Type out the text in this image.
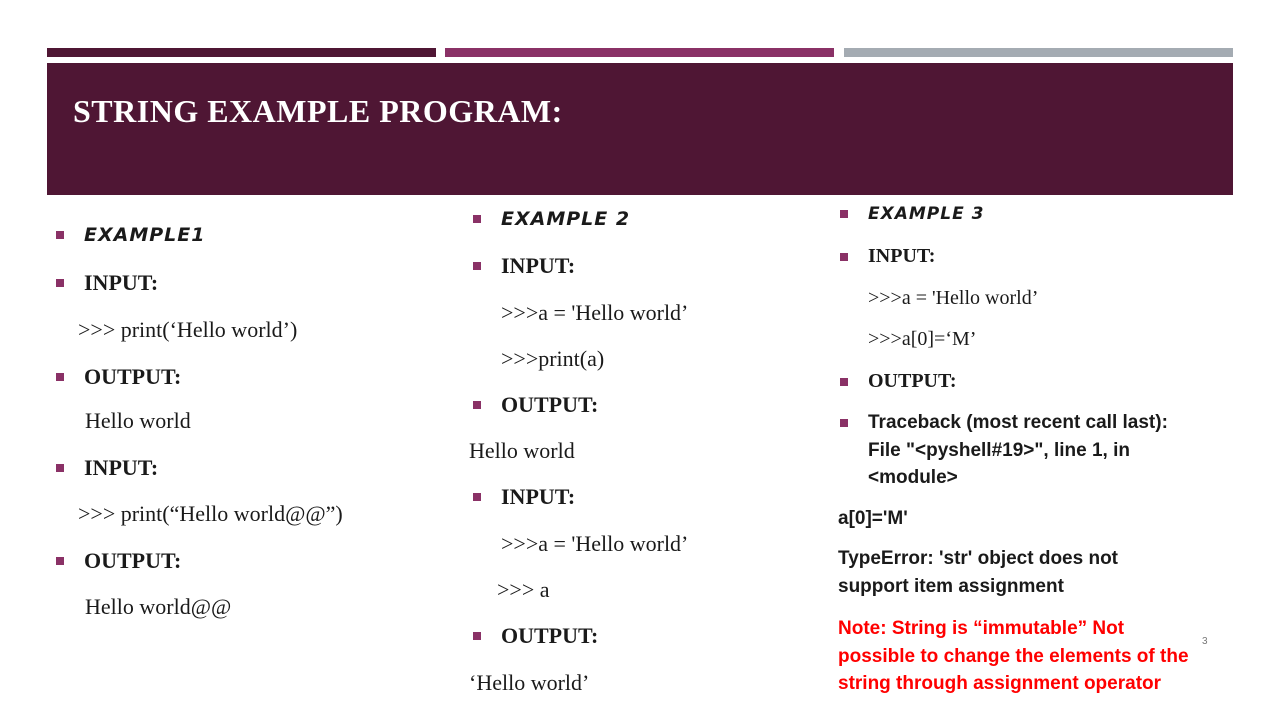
STRING EXAMPLE PROGRAM:
EXAMPLE1
INPUT:
>>> print(‘Hello world’)
OUTPUT:
Hello world
INPUT:
>>> print(“Hello world@@”)
OUTPUT:
Hello world@@
EXAMPLE 2
INPUT:
>>>a = 'Hello world’
>>>print(a)
OUTPUT:
Hello world
INPUT:
>>>a = 'Hello world’
>>> a
OUTPUT:
‘Hello world’
EXAMPLE 3
INPUT:
>>>a = 'Hello world’
>>>a[0]=‘M’
OUTPUT:
Traceback (most recent call last):
File "<pyshell#19>", line 1, in
<module>
a[0]='M'
TypeError: 'str' object does not
support item assignment
Note: String is “immutable” Not
possible to change the elements of the
string through assignment operator
3
